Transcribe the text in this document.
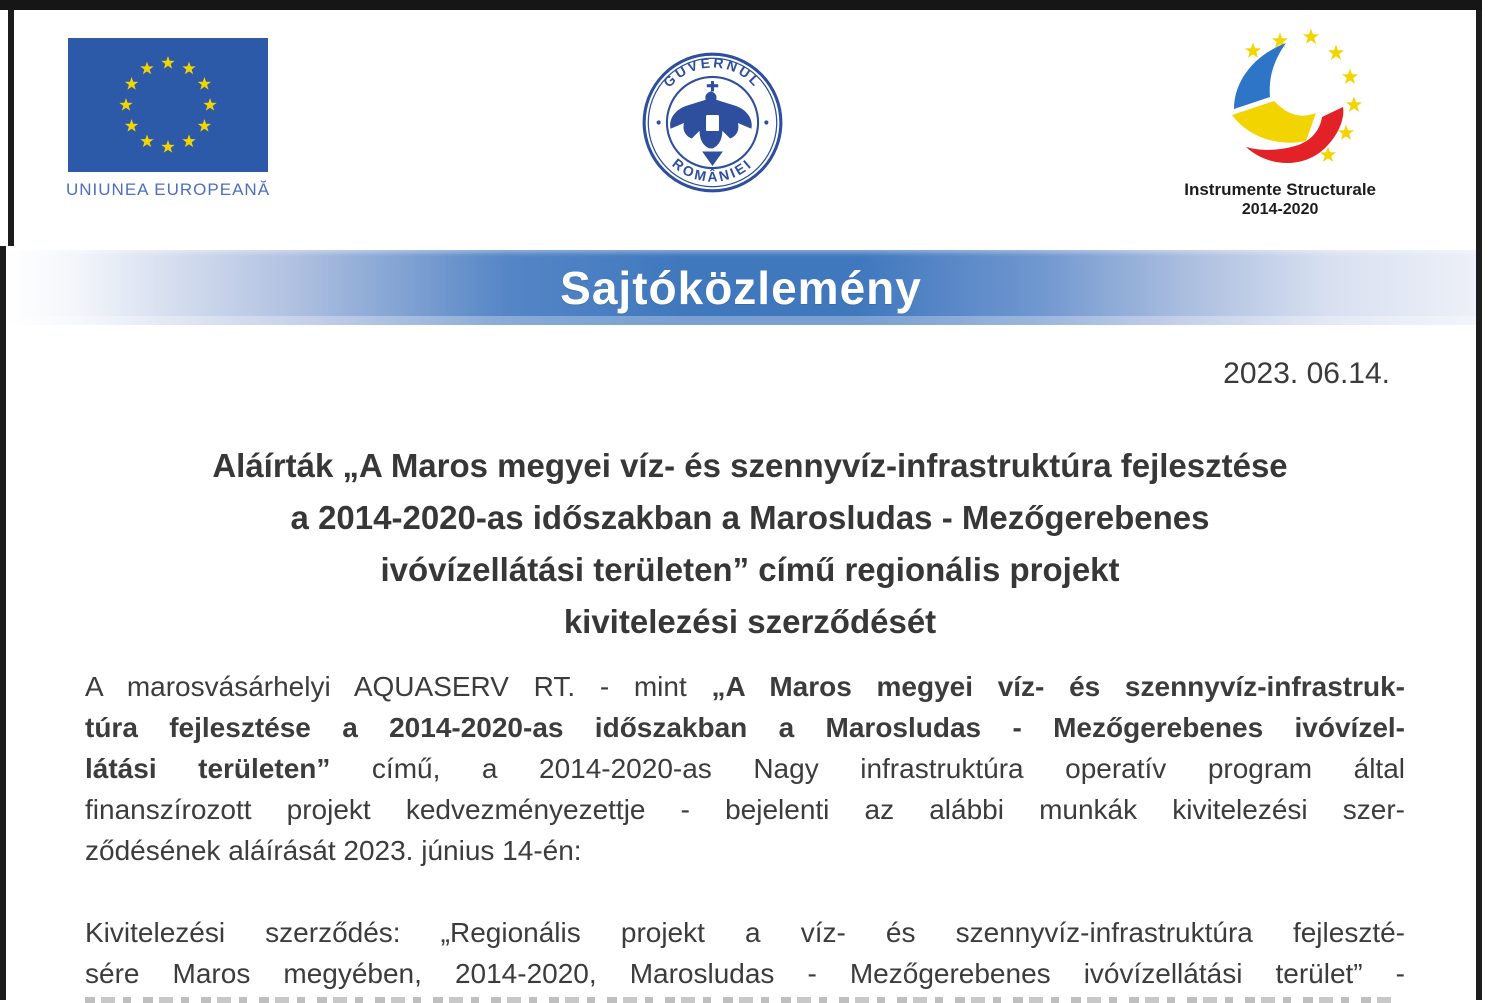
UNIUNEA EUROPEANĂ
GUVERNUL
ROMÂNIEI
Instrumente Structurale
2014-2020
Sajtóközlemény
2023. 06.14.
Aláírták „A Maros megyei víz- és szennyvíz-infrastruktúra fejlesztése
a 2014-2020-as időszakban a Marosludas - Mezőgerebenes
ivóvízellátási területen” című regionális projekt
kivitelezési szerződését
A marosvásárhelyi AQUASERV RT. - mint „A Maros megyei víz- és szennyvíz-infrastruk-
túra fejlesztése a 2014-2020-as időszakban a Marosludas - Mezőgerebenes ivóvízel-
látási területen” című, a 2014-2020-as Nagy infrastruktúra operatív program által
finanszírozott projekt kedvezményezettje - bejelenti az alábbi munkák kivitelezési szer-
ződésének aláírását 2023. június 14-én:
Kivitelezési szerződés: „Regionális projekt a víz- és szennyvíz-infrastruktúra fejleszté-
sére Maros megyében, 2014-2020, Marosludas - Mezőgerebenes ivóvízellátási terület” -
